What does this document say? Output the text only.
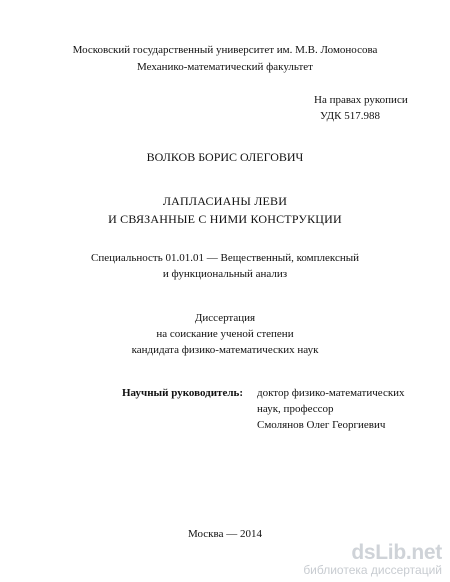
Московский государственный университет им. М.В. Ломоносова
Механико-математический факультет
На правах рукописи
УДК 517.988
ВОЛКОВ БОРИС ОЛЕГОВИЧ
ЛАПЛАСИАНЫ ЛЕВИ
И СВЯЗАННЫЕ С НИМИ КОНСТРУКЦИИ
Специальность 01.01.01 — Вещественный, комплексный
и функциональный анализ
Диссертация
на соискание ученой степени
кандидата физико-математических наук
Научный руководитель: доктор физико-математических
наук, профессор
Смолянов Олег Георгиевич
Москва — 2014
dsLib.net
библиотека диссертаций
